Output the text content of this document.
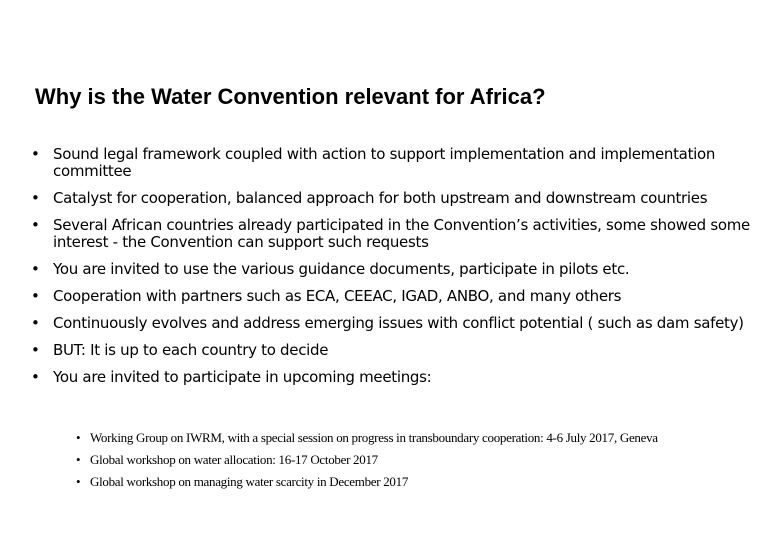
Why is the Water Convention relevant for Africa?
• Sound legal framework coupled with action to support implementation and implementation committee
• Catalyst for cooperation, balanced approach for both upstream and downstream countries
• Several African countries already participated in the Convention’s activities, some showed some interest - the Convention can support such requests
• You are invited to use the various guidance documents, participate in pilots etc.
• Cooperation with partners such as ECA, CEEAC, IGAD, ANBO, and many others
• Continuously evolves and address emerging issues with conflict potential ( such as dam safety)
• BUT: It is up to each country to decide
• You are invited to participate in upcoming meetings:
• Working Group on IWRM, with a special session on progress in transboundary cooperation: 4-6 July 2017, Geneva
• Global workshop on water allocation: 16-17 October 2017
• Global workshop on managing water scarcity in December 2017
